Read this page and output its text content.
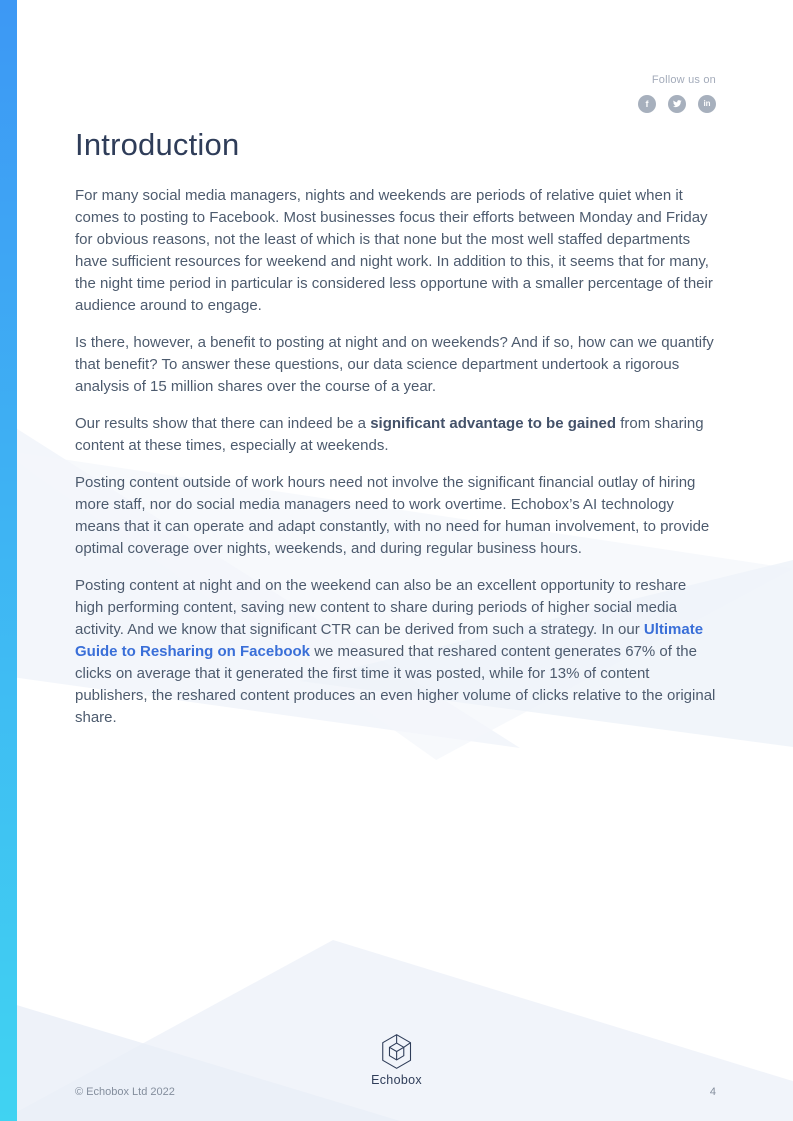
Follow us on
f	in
Introduction

For many social media managers, nights and weekends are periods of relative quiet when it comes to posting to Facebook. Most businesses focus their efforts between Monday and Friday for obvious reasons, not the least of which is that none but the most well staffed departments have sufficient resources for weekend and night work. In addition to this, it seems that for many, the night time period in particular is considered less opportune with a smaller percentage of their audience around to engage.

Is there, however, a benefit to posting at night and on weekends? And if so, how can we quantify that benefit? To answer these questions, our data science department undertook a rigorous analysis of 15 million shares over the course of a year.

Our results show that there can indeed be a significant advantage to be gained from sharing content at these times, especially at weekends.

Posting content outside of work hours need not involve the significant financial outlay of hiring more staff, nor do social media managers need to work overtime. Echobox’s AI technology means that it can operate and adapt constantly, with no need for human involvement, to provide optimal coverage over nights, weekends, and during regular business hours.

Posting content at night and on the weekend can also be an excellent opportunity to reshare high performing content, saving new content to share during periods of higher social media activity. And we know that significant CTR can be derived from such a strategy. In our Ultimate Guide to Resharing on Facebook we measured that reshared content generates 67% of the clicks on average that it generated the first time it was posted, while for 13% of content publishers, the reshared content produces an even higher volume of clicks relative to the original share.

Echobox
© Echobox Ltd 2022	4
